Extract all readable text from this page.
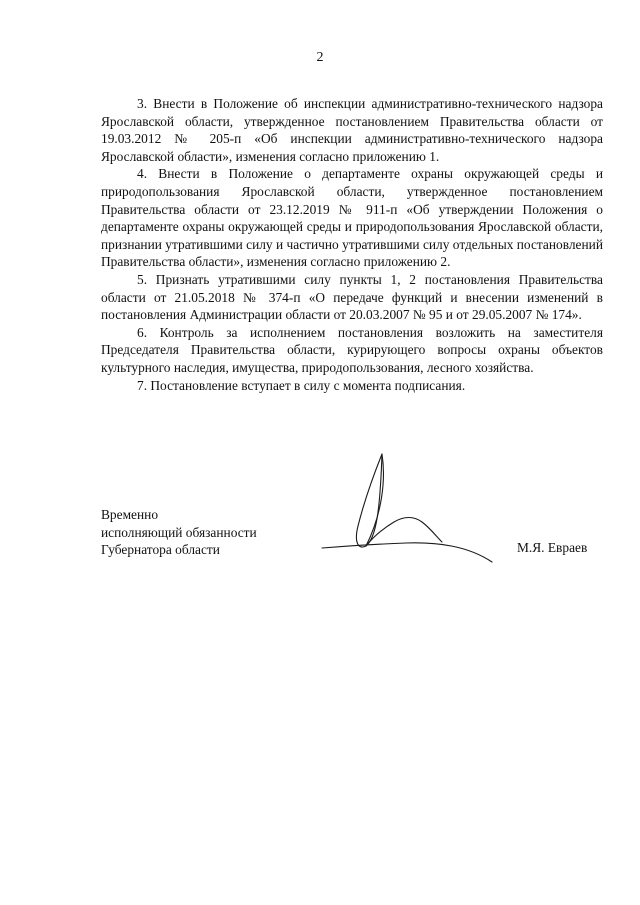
2

3. Внести в Положение об инспекции административно-технического надзора Ярославской области, утвержденное постановлением Правительства области от 19.03.2012 № 205-п «Об инспекции административно-технического надзора Ярославской области», изменения согласно приложению 1.

4. Внести в Положение о департаменте охраны окружающей среды и природопользования Ярославской области, утвержденное постановлением Правительства области от 23.12.2019 № 911-п «Об утверждении Положения о департаменте охраны окружающей среды и природопользования Ярославской области, признании утратившими силу и частично утратившими силу отдельных постановлений Правительства области», изменения согласно приложению 2.

5. Признать утратившими силу пункты 1, 2 постановления Правительства области от 21.05.2018 № 374-п «О передаче функций и внесении изменений в постановления Администрации области от 20.03.2007 № 95 и от 29.05.2007 № 174».

6. Контроль за исполнением постановления возложить на заместителя Председателя Правительства области, курирующего вопросы охраны объектов культурного наследия, имущества, природопользования, лесного хозяйства.

7. Постановление вступает в силу с момента подписания.

Временно
исполняющий обязанности
Губернатора области	М.Я. Евраев
